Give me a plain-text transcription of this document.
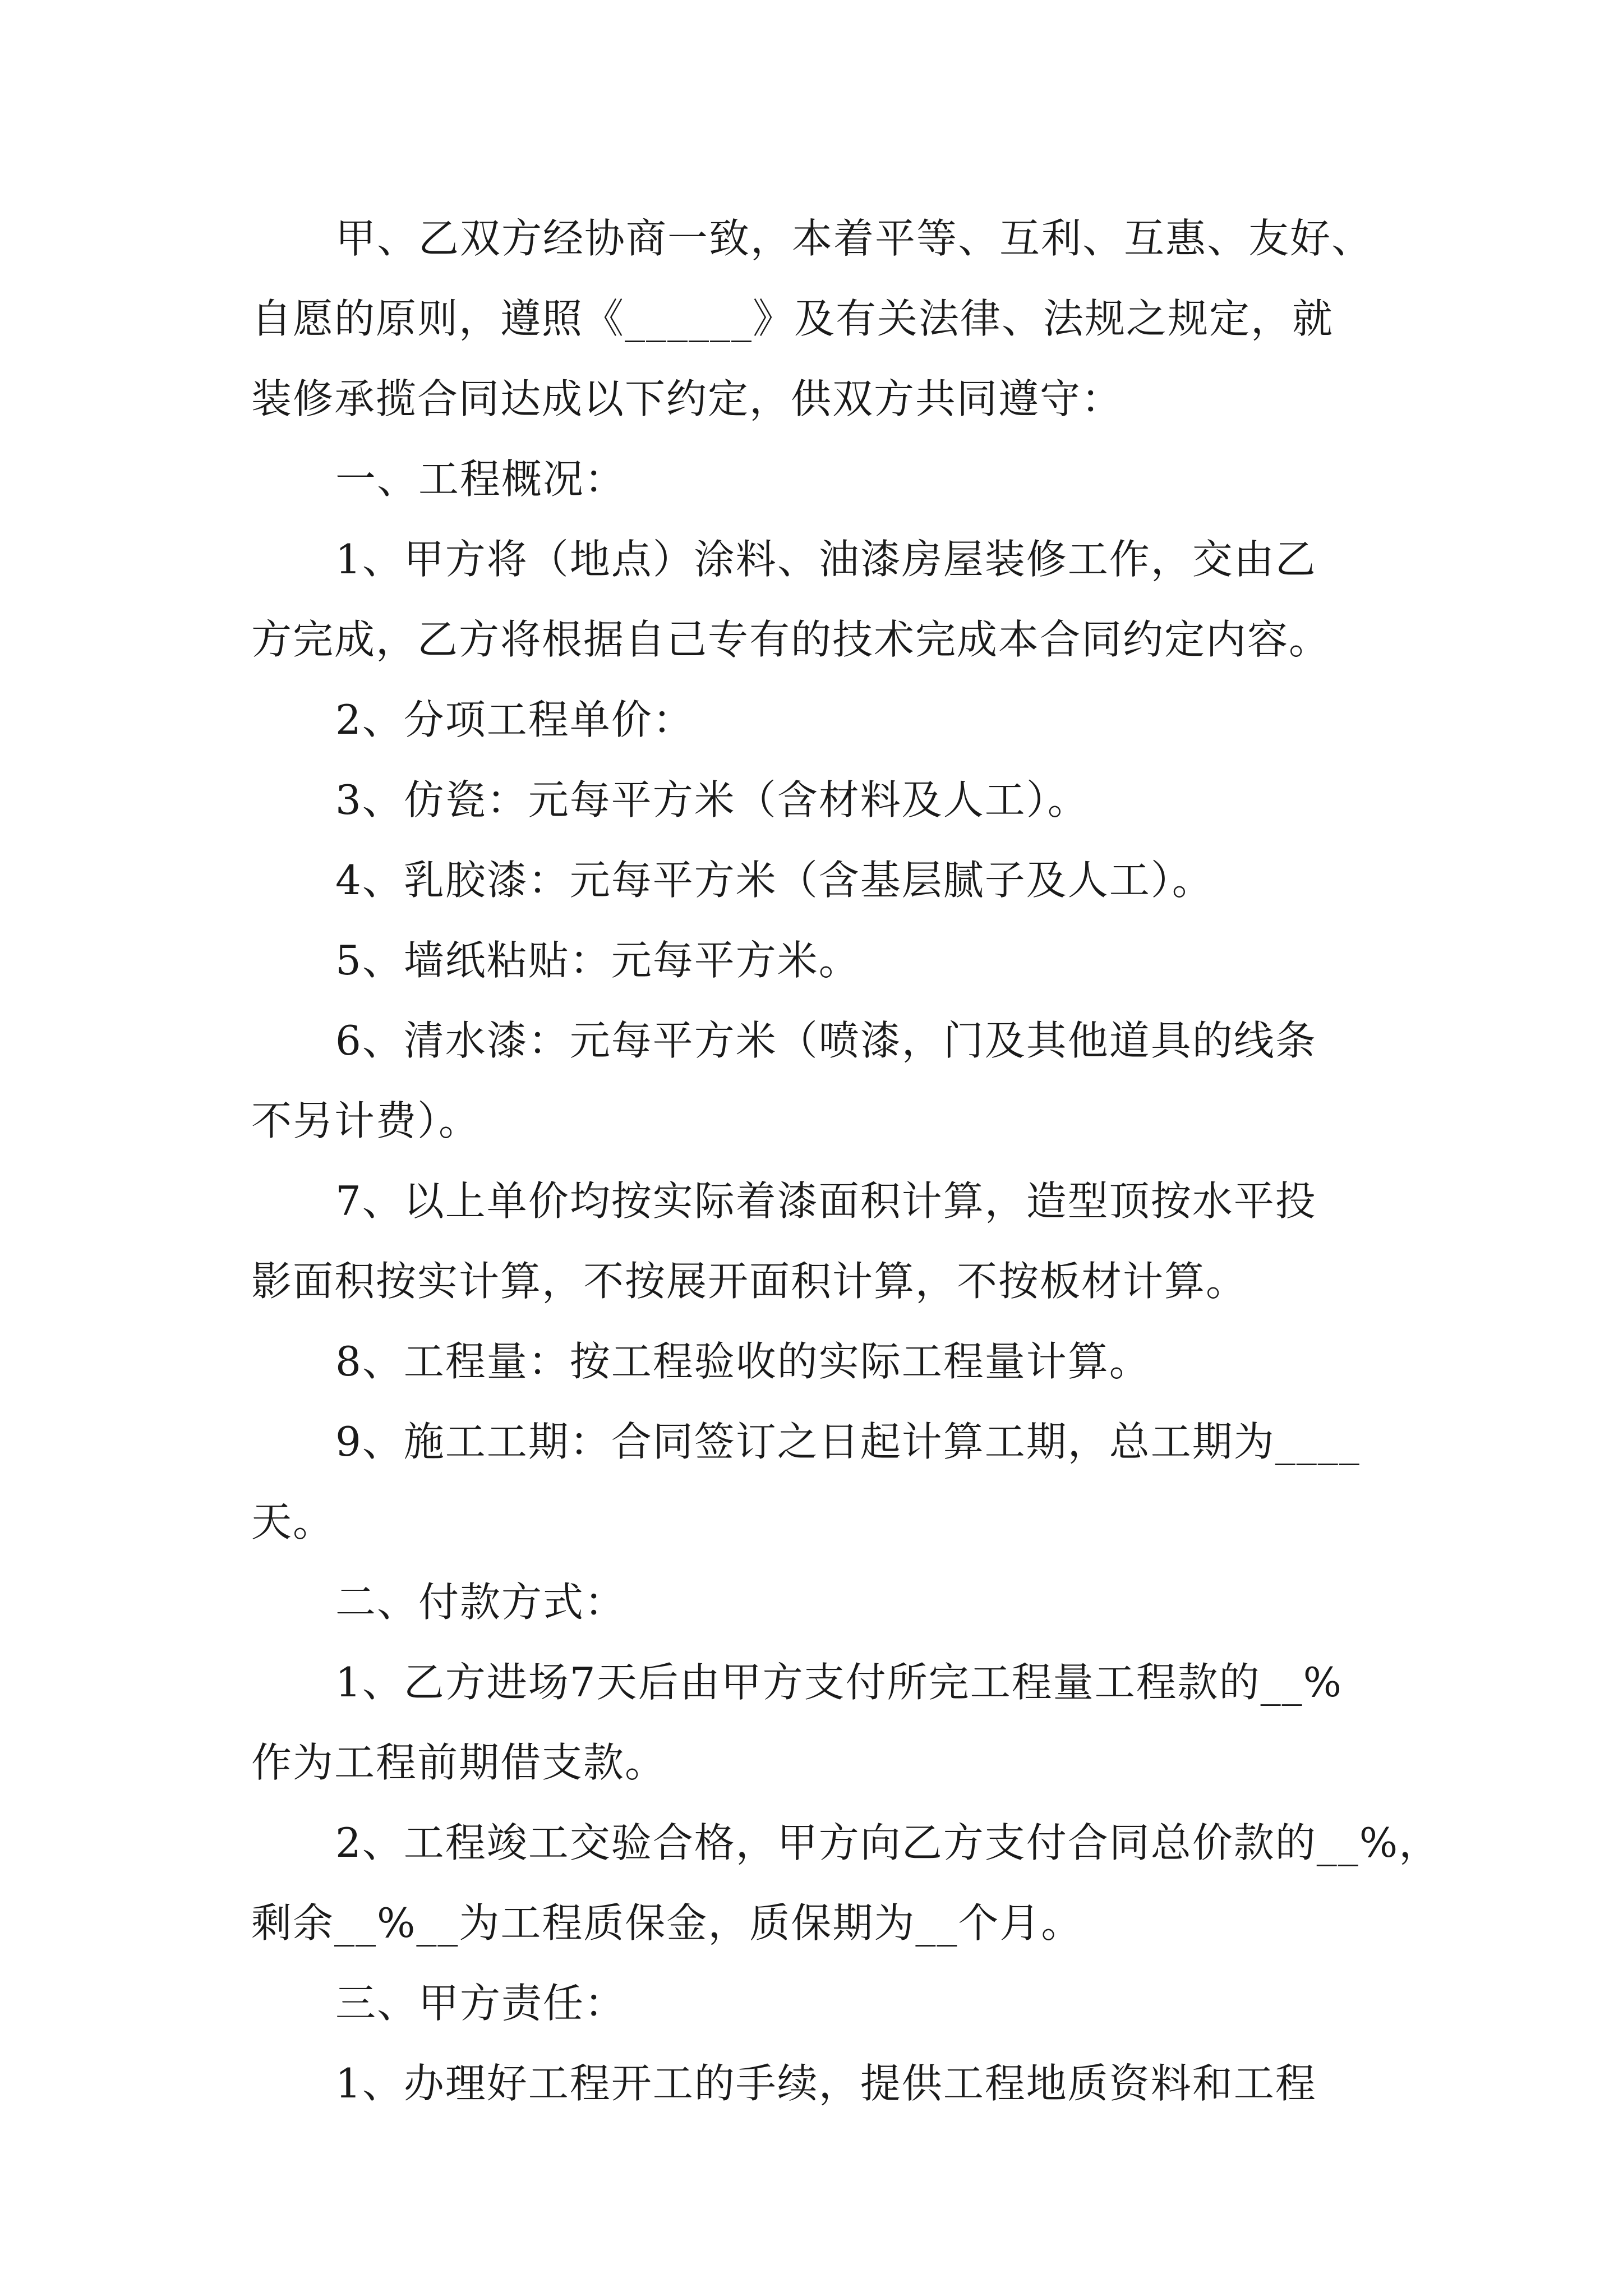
甲、乙双方经协商一致，本着平等、互利、互惠、友好、
自愿的原则，遵照《______》及有关法律、法规之规定，就
装修承揽合同达成以下约定，供双方共同遵守：
一、工程概况：
1、甲方将（地点）涂料、油漆房屋装修工作，交由乙
方完成，乙方将根据自己专有的技术完成本合同约定内容。
2、分项工程单价：
3、仿瓷：元每平方米（含材料及人工）。
4、乳胶漆：元每平方米（含基层腻子及人工）。
5、墙纸粘贴：元每平方米。
6、清水漆：元每平方米（喷漆，门及其他道具的线条
不另计费）。
7、以上单价均按实际着漆面积计算，造型顶按水平投
影面积按实计算，不按展开面积计算，不按板材计算。
8、工程量：按工程验收的实际工程量计算。
9、施工工期：合同签订之日起计算工期，总工期为____
天。
二、付款方式：
1、乙方进场7天后由甲方支付所完工程量工程款的__%
作为工程前期借支款。
2、工程竣工交验合格，甲方向乙方支付合同总价款的__%，
剩余__%__为工程质保金，质保期为__个月。
三、甲方责任：
1、办理好工程开工的手续，提供工程地质资料和工程
